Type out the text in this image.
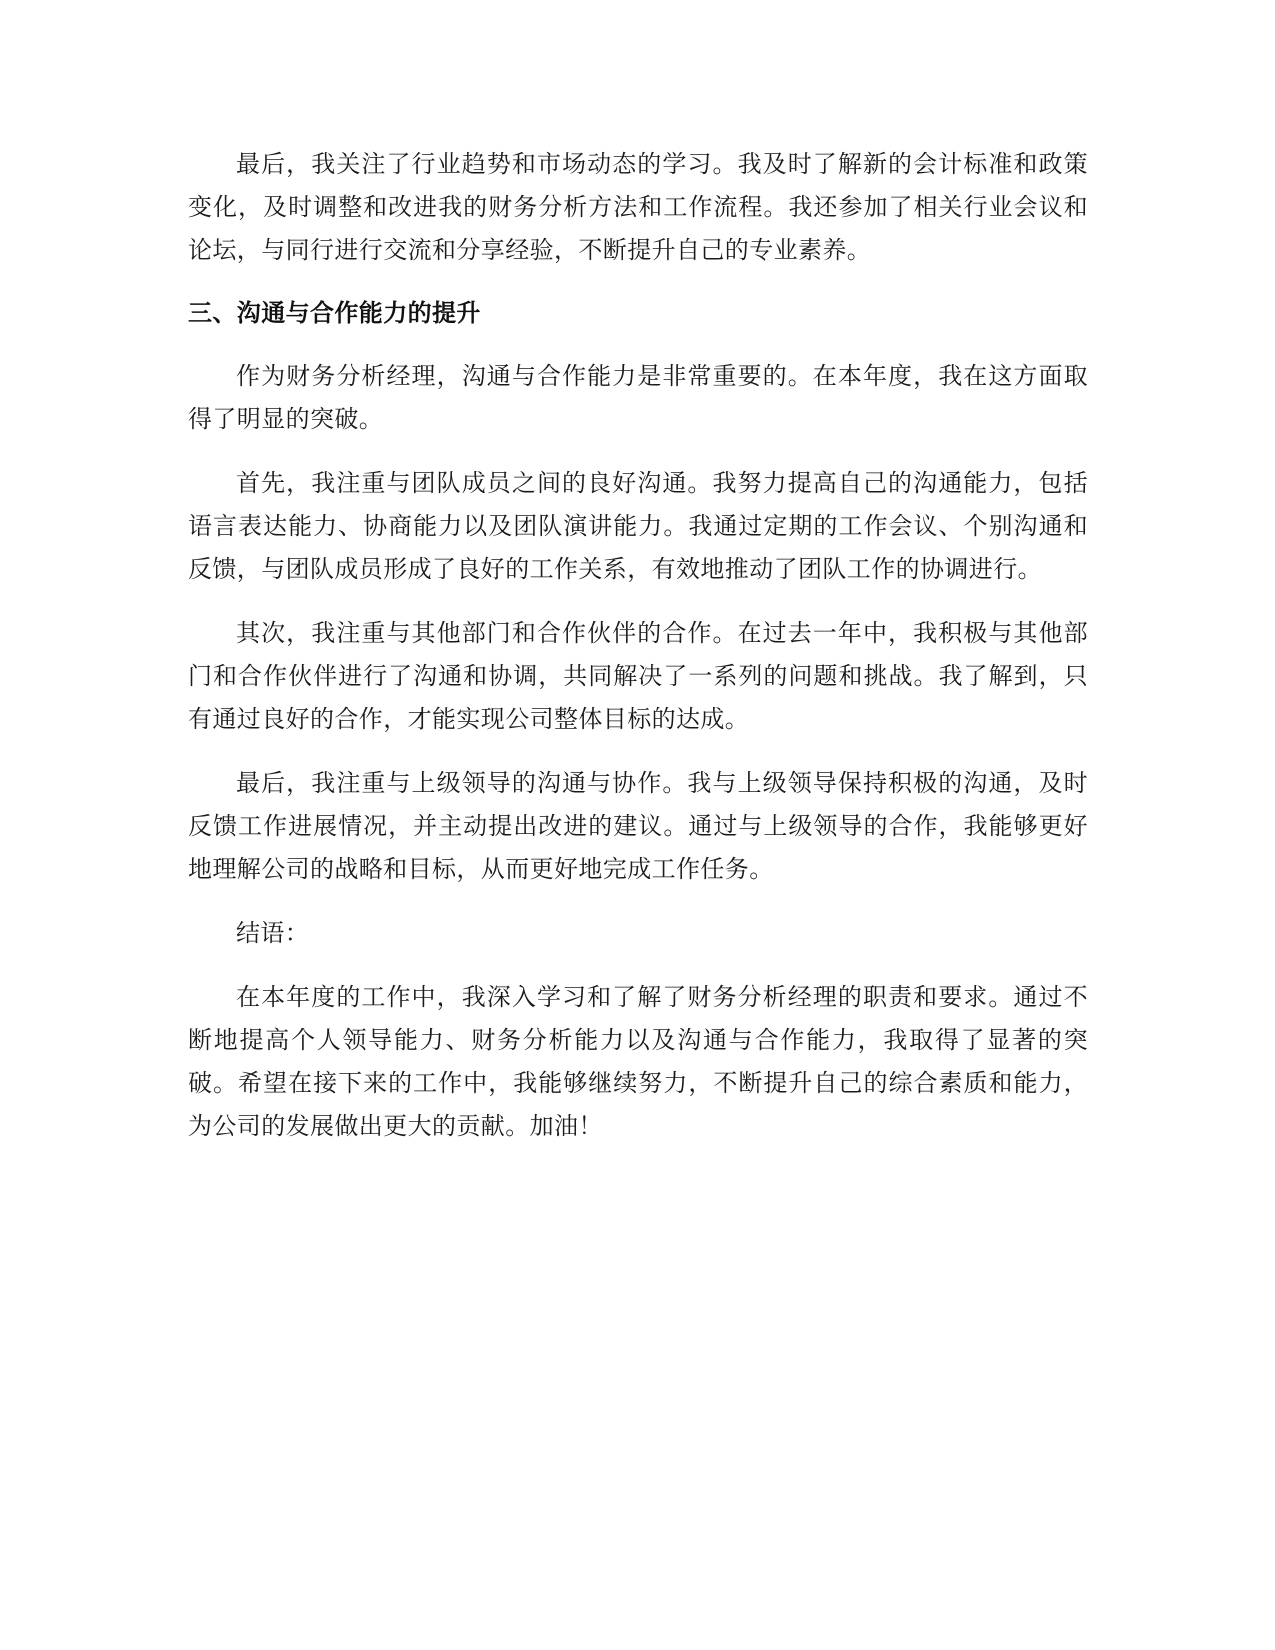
最后，我关注了行业趋势和市场动态的学习。我及时了解新的会计标准和政策变化，及时调整和改进我的财务分析方法和工作流程。我还参加了相关行业会议和论坛，与同行进行交流和分享经验，不断提升自己的专业素养。

三、沟通与合作能力的提升

作为财务分析经理，沟通与合作能力是非常重要的。在本年度，我在这方面取得了明显的突破。

首先，我注重与团队成员之间的良好沟通。我努力提高自己的沟通能力，包括语言表达能力、协商能力以及团队演讲能力。我通过定期的工作会议、个别沟通和反馈，与团队成员形成了良好的工作关系，有效地推动了团队工作的协调进行。

其次，我注重与其他部门和合作伙伴的合作。在过去一年中，我积极与其他部门和合作伙伴进行了沟通和协调，共同解决了一系列的问题和挑战。我了解到，只有通过良好的合作，才能实现公司整体目标的达成。

最后，我注重与上级领导的沟通与协作。我与上级领导保持积极的沟通，及时反馈工作进展情况，并主动提出改进的建议。通过与上级领导的合作，我能够更好地理解公司的战略和目标，从而更好地完成工作任务。

结语：

在本年度的工作中，我深入学习和了解了财务分析经理的职责和要求。通过不断地提高个人领导能力、财务分析能力以及沟通与合作能力，我取得了显著的突破。希望在接下来的工作中，我能够继续努力，不断提升自己的综合素质和能力，为公司的发展做出更大的贡献。加油！
